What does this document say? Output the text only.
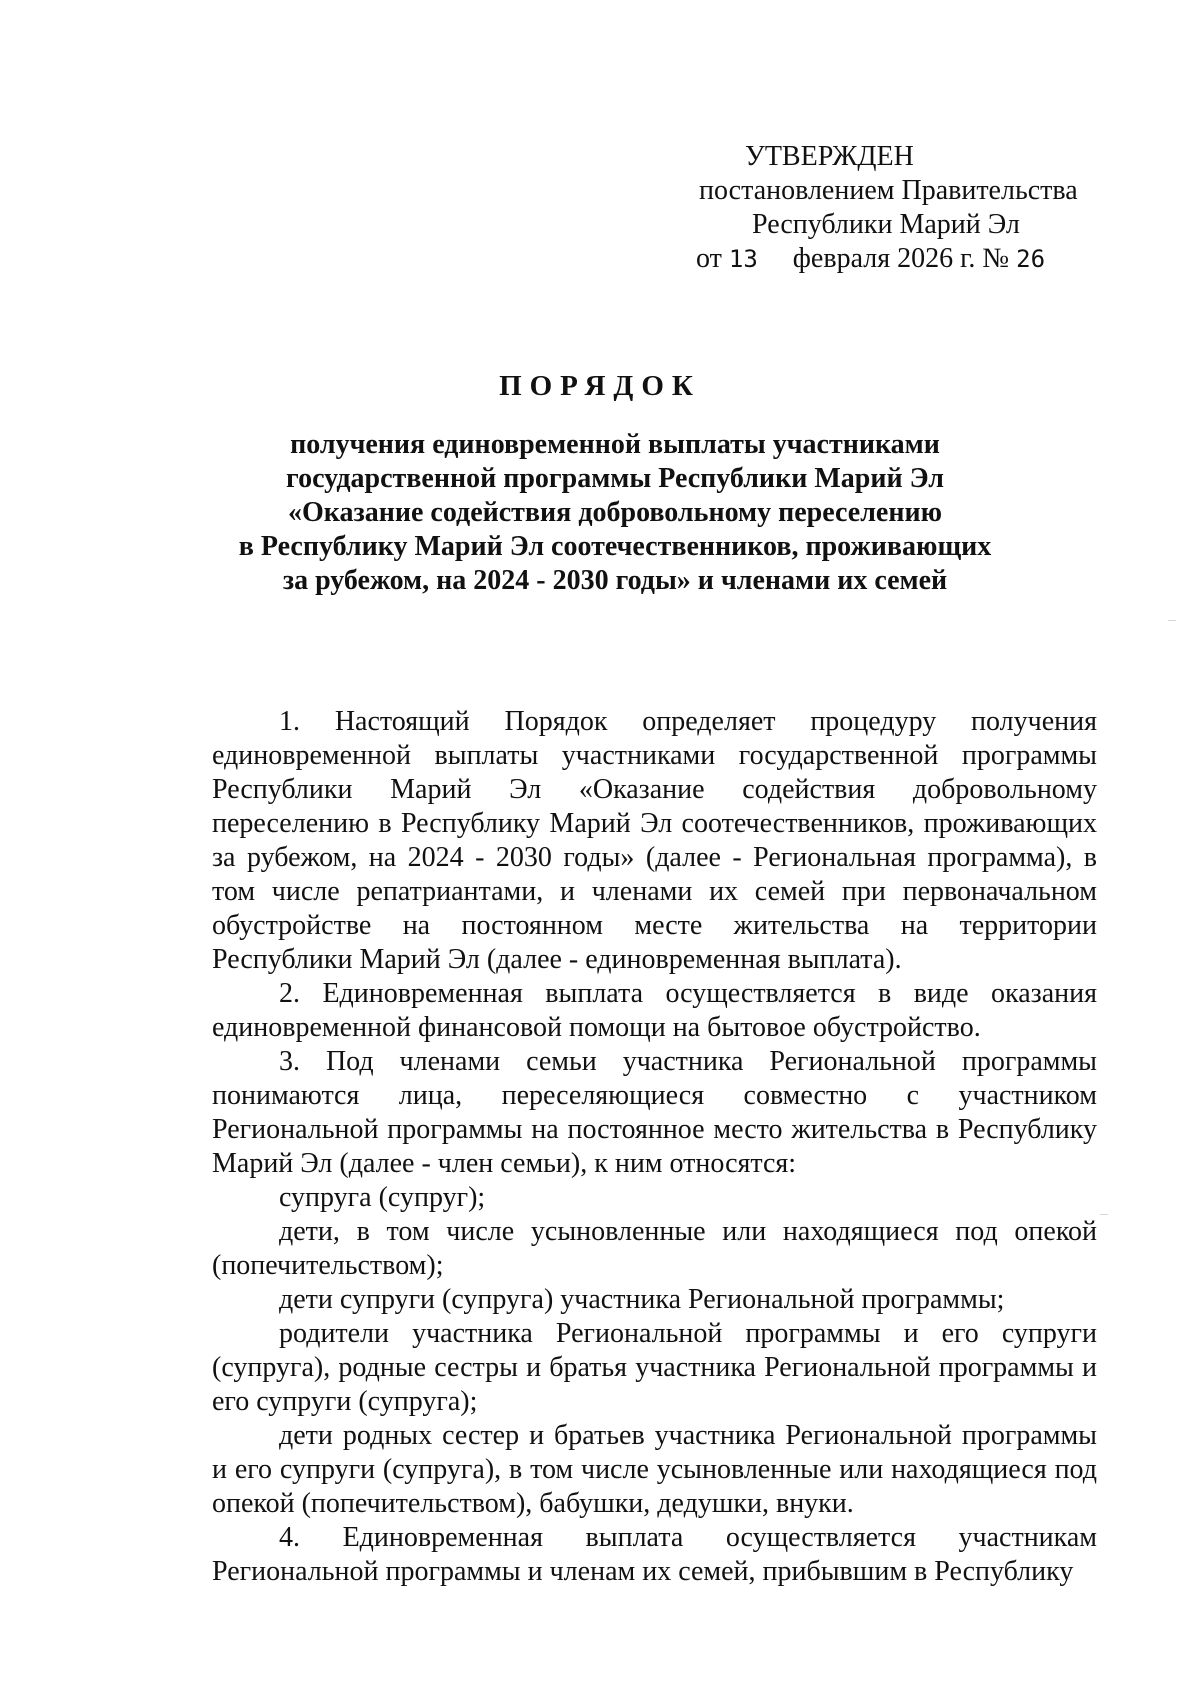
УТВЕРЖДЕН
постановлением Правительства
Республики Марий Эл
от 13 февраля 2026 г. № 26
ПОРЯДОК
получения единовременной выплаты участниками
государственной программы Республики Марий Эл
«Оказание содействия добровольному переселению
в Республику Марий Эл соотечественников, проживающих
за рубежом, на 2024 - 2030 годы» и членами их семей

1. Настоящий Порядок определяет процедуру получения единовременной выплаты участниками государственной программы Республики Марий Эл «Оказание содействия добровольному переселению в Республику Марий Эл соотечественников, проживающих за рубежом, на 2024 - 2030 годы» (далее - Региональная программа), в том числе репатриантами, и членами их семей при первоначальном обустройстве на постоянном месте жительства на территории Республики Марий Эл (далее - единовременная выплата).

2. Единовременная выплата осуществляется в виде оказания единовременной финансовой помощи на бытовое обустройство.

3. Под членами семьи участника Региональной программы понимаются лица, переселяющиеся совместно с участником Региональной программы на постоянное место жительства в Республику Марий Эл (далее - член семьи), к ним относятся:

супруга (супруг);

дети, в том числе усыновленные или находящиеся под опекой (попечительством);

дети супруги (супруга) участника Региональной программы;

родители участника Региональной программы и его супруги (супруга), родные сестры и братья участника Региональной программы и его супруги (супруга);

дети родных сестер и братьев участника Региональной программы и его супруги (супруга), в том числе усыновленные или находящиеся под опекой (попечительством), бабушки, дедушки, внуки.

4. Единовременная выплата осуществляется участникам Региональной программы и членам их семей, прибывшим в Республику
